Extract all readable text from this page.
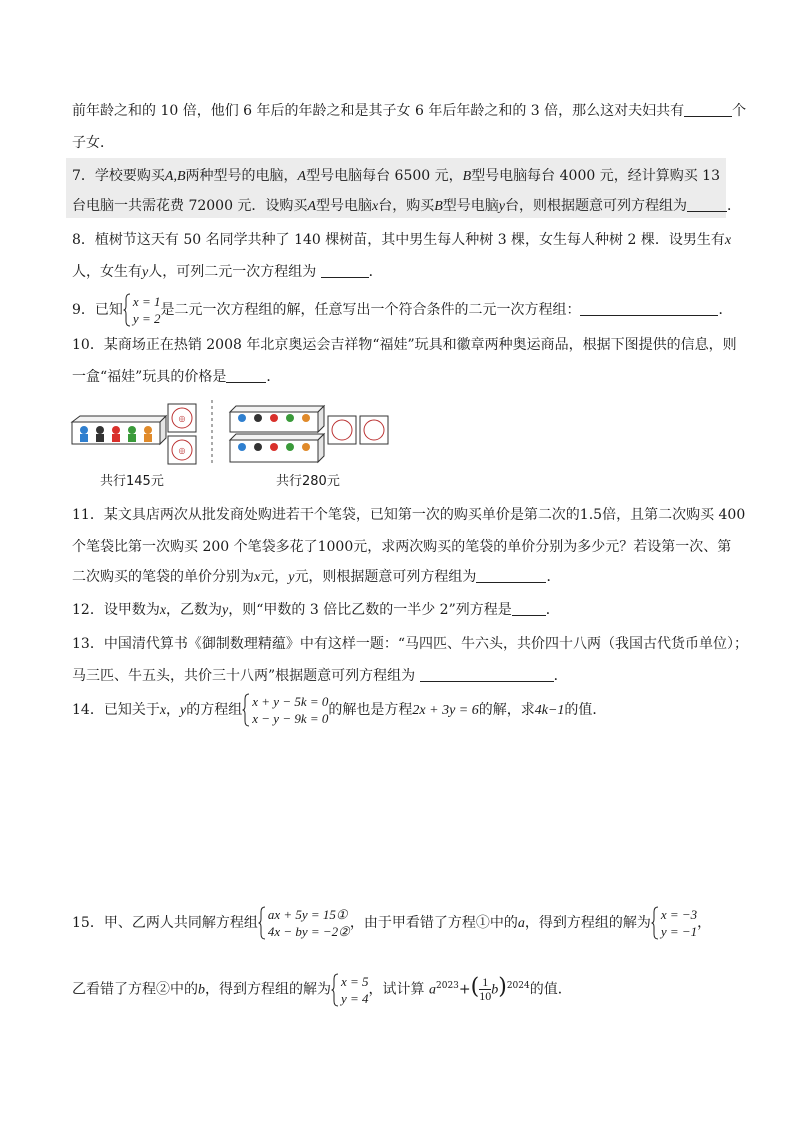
前年龄之和的 10 倍，他们 6 年后的年龄之和是其子女 6 年后年龄之和的 3 倍，那么这对夫妇共有	个
子女．
7．学校要购买A,B两种型号的电脑，A型号电脑每台 6500 元，B型号电脑每台 4000 元，经计算购买 13
台电脑一共需花费 72000 元．设购买A型号电脑x台，购买B型号电脑y台，则根据题意可列方程组为	．
8．植树节这天有 50 名同学共种了 140 棵树苗，其中男生每人种树 3 棵，女生每人种树 2 棵．设男生有x
人，女生有y人，可列二元一次方程组为	．
9．已知
x = 1
y = 2
是二元一次方程组的解，任意写出一个符合条件的二元一次方程组：	．
10．某商场正在热销 2008 年北京奥运会吉祥物“福娃”玩具和徽章两种奥运商品，根据下图提供的信息，则
一盒“福娃”玩具的价格是	．
◎
◎
共行145元	共行280元
11．某文具店两次从批发商处购进若干个笔袋，已知第一次的购买单价是第二次的1.5倍，且第二次购买 400
个笔袋比第一次购买 200 个笔袋多花了1000元，求两次购买的笔袋的单价分别为多少元？若设第一次、第
二次购买的笔袋的单价分别为x元，y元，则根据题意可列方程组为	．
12．设甲数为x，乙数为y，则“甲数的 3 倍比乙数的一半少 2”列方程是 ．
13．中国清代算书《御制数理精蕴》中有这样一题：“马四匹、牛六头，共价四十八两（我国古代货币单位）；
马三匹、牛五头，共价三十八两”根据题意可列方程组为	．
14．已知关于x，y的方程组
x + y − 5k = 0
x − y − 9k = 0
的解也是方程2x + 3y = 6的解，求4k−1的值．
15．甲、乙两人共同解方程组
ax + 5y = 15①
4x − by = −2②
，由于甲看错了方程①中的a，得到方程组的解为
x = −3
y = −1
，
乙看错了方程②中的b，得到方程组的解为
x = 5
y = 4
，试计算 $a^{2023}+( \frac{1}{10} b)^{2024}$的值．
